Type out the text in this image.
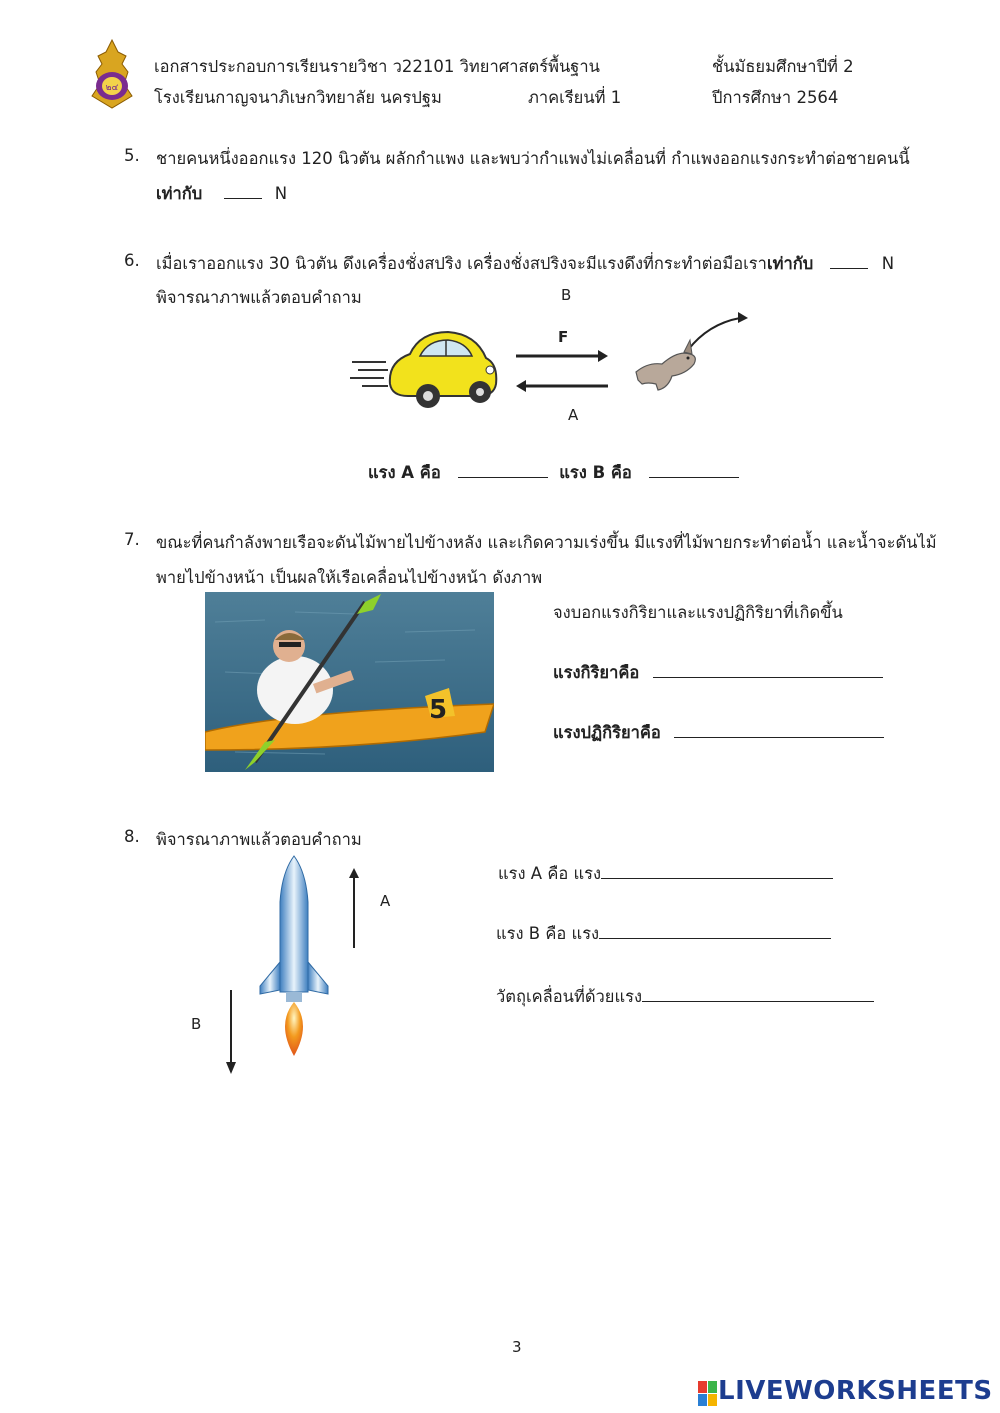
๒๔
เอกสารประกอบการเรียนรายวิชา ว22101 วิทยาศาสตร์พื้นฐาน	ชั้นมัธยมศึกษาปีที่ 2
โรงเรียนกาญจนาภิเษกวิทยาลัย นครปฐม	ภาคเรียนที่ 1	ปีการศึกษา 2564
5. ชายคนหนึ่งออกแรง 120 นิวตัน ผลักกำแพง และพบว่ากำแพงไม่เคลื่อนที่ กำแพงออกแรงกระทำต่อชายคนนี้
เท่ากับ	N
6. เมื่อเราออกแรง 30 นิวตัน ดึงเครื่องชั่งสปริง เครื่องชั่งสปริงจะมีแรงดึงที่กระทำต่อมือเราเท่ากับ	N
พิจารณาภาพแล้วตอบคำถาม	B
F
A
แรง A คือ	แรง B คือ
7. ขณะที่คนกำลังพายเรือจะดันไม้พายไปข้างหลัง และเกิดความเร่งขึ้น มีแรงที่ไม้พายกระทำต่อน้ำ และน้ำจะดันไม้
พายไปข้างหน้า เป็นผลให้เรือเคลื่อนไปข้างหน้า ดังภาพ
5
จงบอกแรงกิริยาและแรงปฏิกิริยาที่เกิดขึ้น
แรงกิริยาคือ
แรงปฏิกิริยาคือ
8. พิจารณาภาพแล้วตอบคำถาม
A
B
แรง A คือ แรง
แรง B คือ แรง
วัตถุเคลื่อนที่ด้วยแรง
3
LIVEWORKSHEETS
